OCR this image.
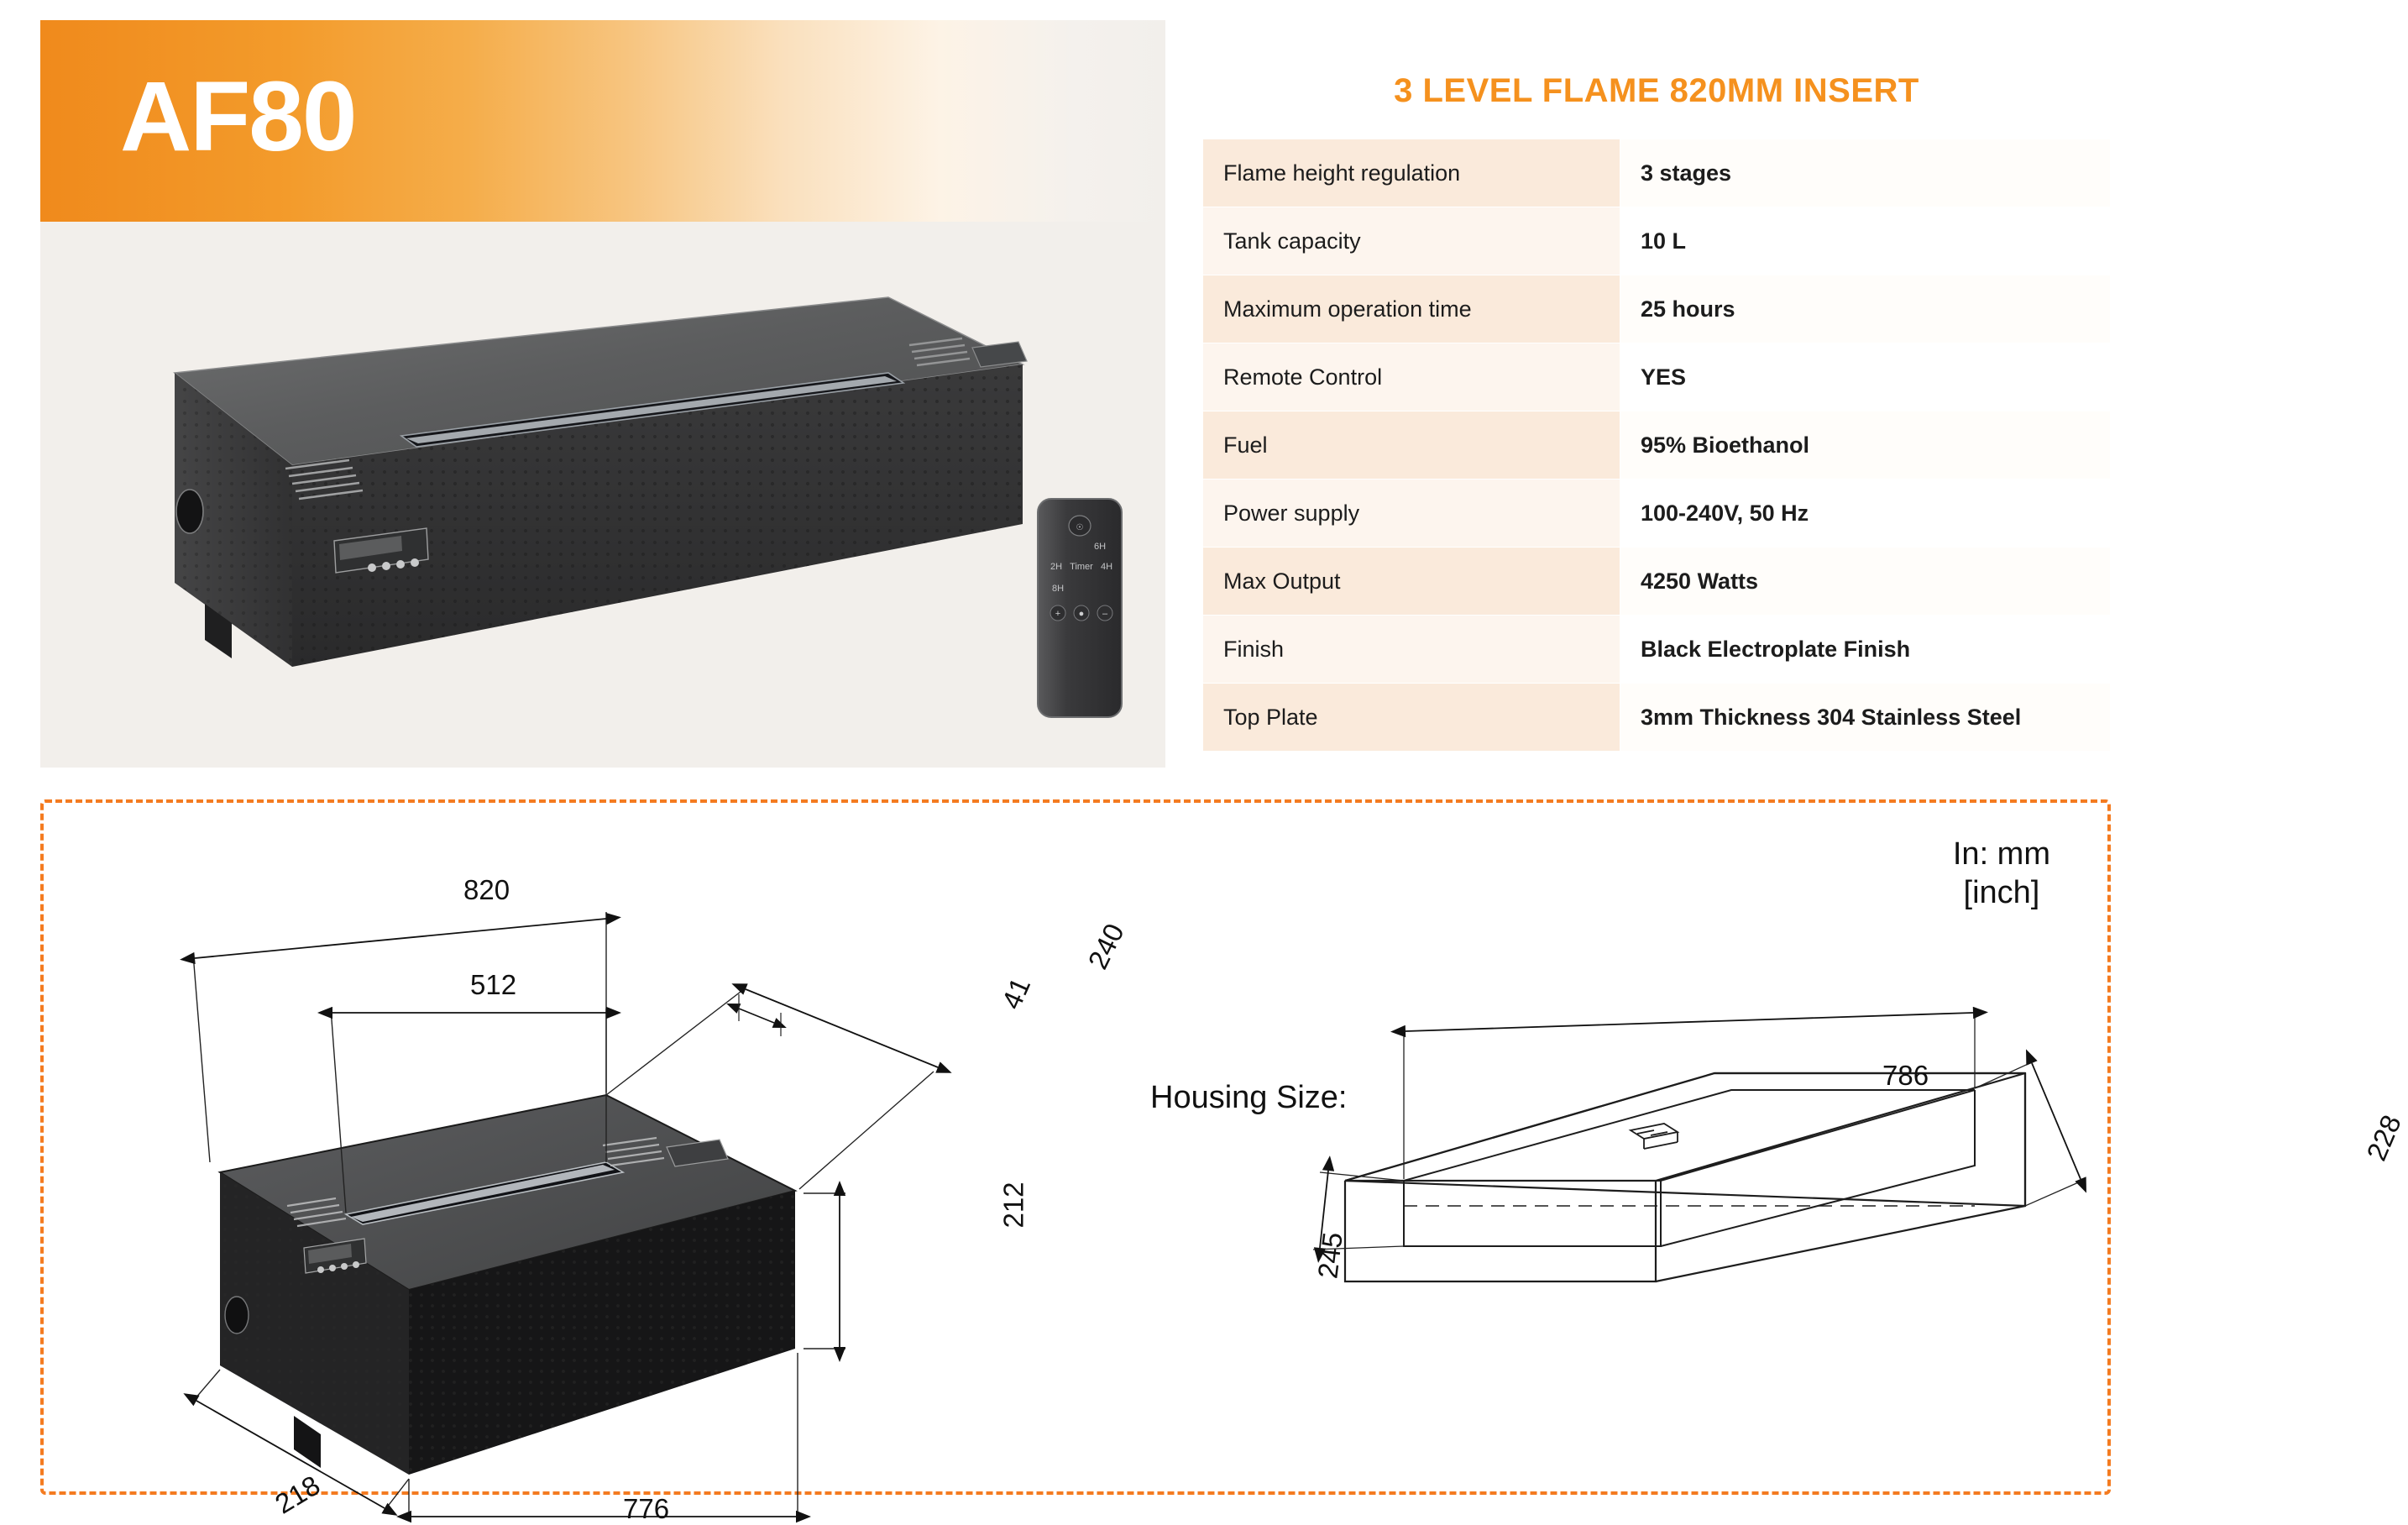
AF80
☉
6H
2H Timer 4H
8H
+ ● –
3 LEVEL FLAME 820MM INSERT
Flame height regulation	3 stages
Tank capacity	10 L
Maximum operation time	25 hours
Remote Control	YES
Fuel	95% Bioethanol
Power supply	100-240V, 50 Hz
Max Output	4250 Watts
Finish	Black Electroplate Finish
Top Plate	3mm Thickness 304 Stainless Steel
In: mm
[inch]
Housing Size:
820
512
240
41
212
776
218
786
228
245
